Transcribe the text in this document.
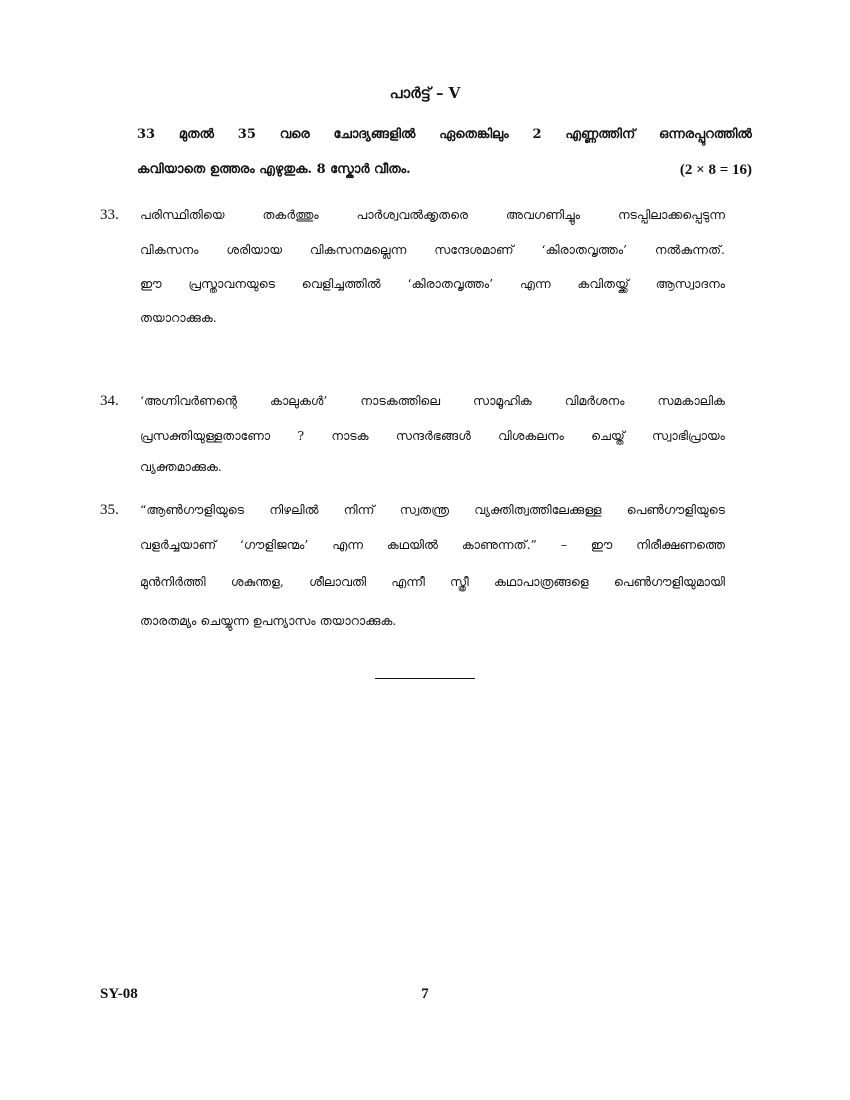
പാർട്ട് – V
33 മുതൽ 35 വരെ ചോദ്യങ്ങളിൽ ഏതെങ്കിലും 2 എണ്ണത്തിന് ഒന്നരപ്പുറത്തിൽ
കവിയാതെ ഉത്തരം എഴുതുക. 8 സ്കോർ വീതം.	(2 × 8 = 16)
33. പരിസ്ഥിതിയെ	തകർത്തും	പാർശ്വവൽക്കൃതരെ	അവഗണിച്ചും	നടപ്പിലാക്കപ്പെടുന്ന
വികസനം ശരിയായ വികസനമല്ലെന്ന സന്ദേശമാണ് ‘കിരാതവൃത്തം’ നൽകുന്നത്.
ഈ പ്രസ്താവനയുടെ വെളിച്ചത്തിൽ ‘കിരാതവൃത്തം’ എന്ന കവിതയ്ക്ക് ആസ്വാദനം
തയാറാക്കുക.
34. ‘അഗ്നിവർണന്റെ	കാലുകൾ’	നാടകത്തിലെ	സാമൂഹിക	വിമർശനം	സമകാലിക
പ്രസക്തിയുള്ളതാണോ ? നാടക സന്ദർഭങ്ങൾ വിശകലനം ചെയ്ത് സ്വാഭിപ്രായം
വ്യക്തമാക്കുക.
35. “ആൺഗൗളിയുടെ നിഴലിൽ നിന്ന് സ്വതന്ത്ര വ്യക്തിത്വത്തിലേക്കുള്ള പെൺഗൗളിയുടെ
വളർച്ചയാണ് ‘ഗൗളിജന്മം’ എന്ന കഥയിൽ കാണുന്നത്.” – ഈ നിരീക്ഷണത്തെ
മുൻനിർത്തി ശകുന്തള, ശീലാവതി എന്നീ സ്ത്രീ കഥാപാത്രങ്ങളെ പെൺഗൗളിയുമായി
താരതമ്യം ചെയ്യുന്ന ഉപന്യാസം തയാറാക്കുക.
SY-08	7
